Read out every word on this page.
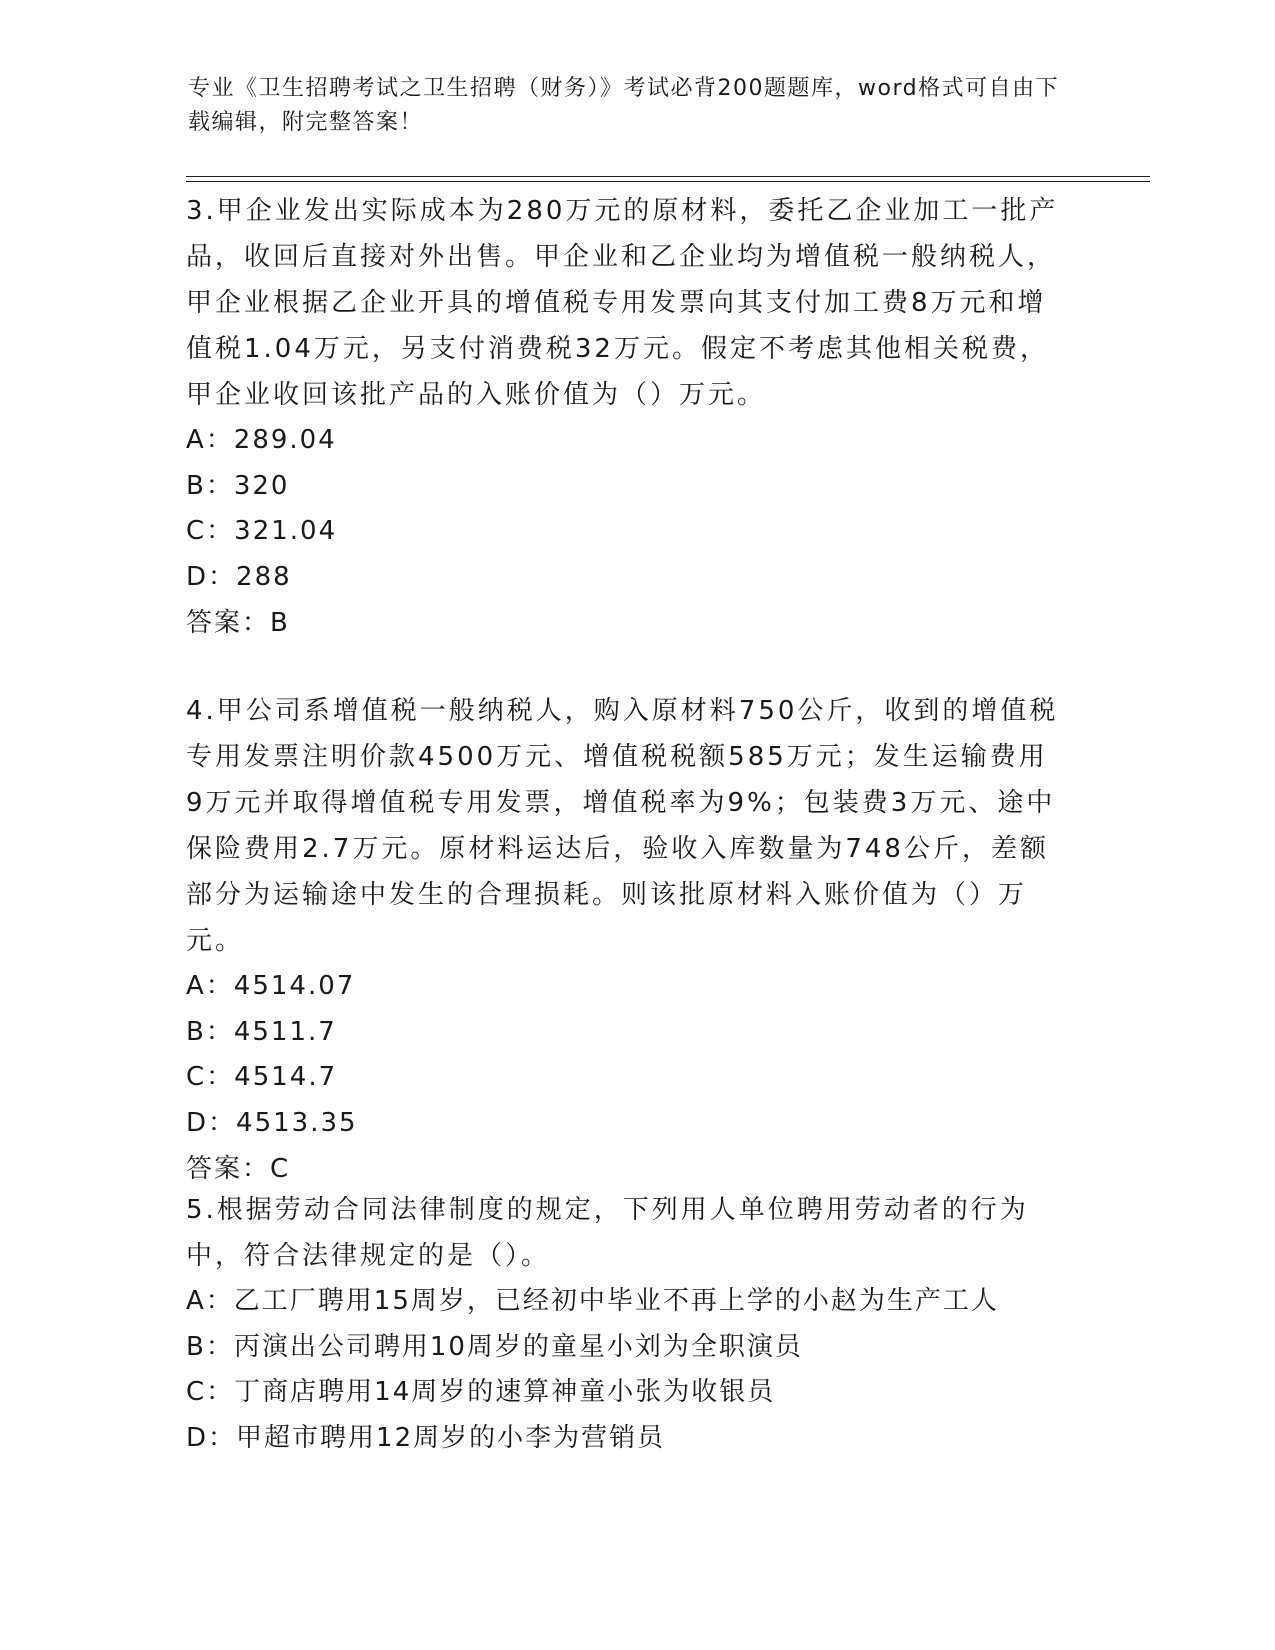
专业《卫生招聘考试之卫生招聘（财务）》考试必背200题题库，word格式可自由下载编辑，附完整答案！
3.甲企业发出实际成本为280万元的原材料，委托乙企业加工一批产品，收回后直接对外出售。甲企业和乙企业均为增值税一般纳税人，甲企业根据乙企业开具的增值税专用发票向其支付加工费8万元和增值税1.04万元，另支付消费税32万元。假定不考虑其他相关税费，甲企业收回该批产品的入账价值为（）万元。
A：289.04
B：320
C：321.04
D：288
答案：B
4.甲公司系增值税一般纳税人，购入原材料750公斤，收到的增值税专用发票注明价款4500万元、增值税税额585万元；发生运输费用9万元并取得增值税专用发票，增值税率为9%；包装费3万元、途中保险费用2.7万元。原材料运达后，验收入库数量为748公斤，差额部分为运输途中发生的合理损耗。则该批原材料入账价值为（）万元。
A：4514.07
B：4511.7
C：4514.7
D：4513.35
答案：C
5.根据劳动合同法律制度的规定，下列用人单位聘用劳动者的行为中，符合法律规定的是（）。
A：乙工厂聘用15周岁，已经初中毕业不再上学的小赵为生产工人
B：丙演出公司聘用10周岁的童星小刘为全职演员
C：丁商店聘用14周岁的速算神童小张为收银员
D：甲超市聘用12周岁的小李为营销员
